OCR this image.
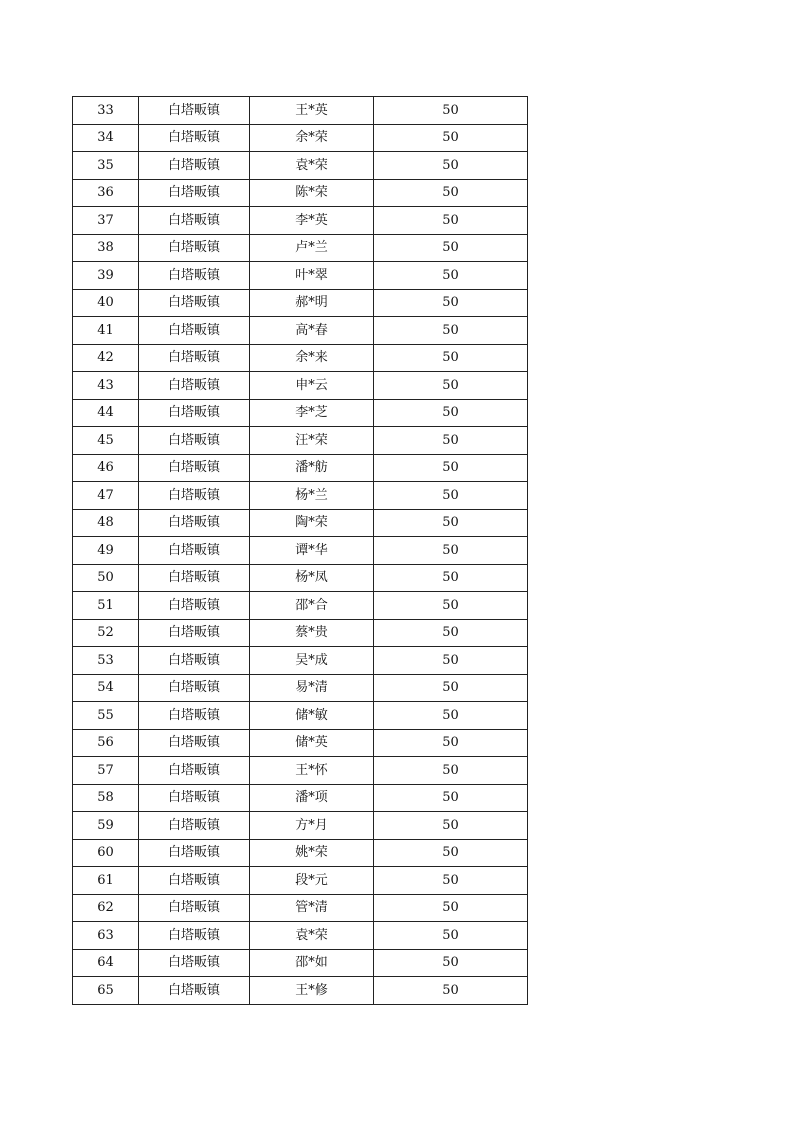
33	白塔畈镇	王*英	50
34	白塔畈镇	余*荣	50
35	白塔畈镇	袁*荣	50
36	白塔畈镇	陈*荣	50
37	白塔畈镇	李*英	50
38	白塔畈镇	卢*兰	50
39	白塔畈镇	叶*翠	50
40	白塔畈镇	郝*明	50
41	白塔畈镇	高*春	50
42	白塔畈镇	余*来	50
43	白塔畈镇	申*云	50
44	白塔畈镇	李*芝	50
45	白塔畈镇	汪*荣	50
46	白塔畈镇	潘*舫	50
47	白塔畈镇	杨*兰	50
48	白塔畈镇	陶*荣	50
49	白塔畈镇	谭*华	50
50	白塔畈镇	杨*凤	50
51	白塔畈镇	邵*合	50
52	白塔畈镇	蔡*贵	50
53	白塔畈镇	吴*成	50
54	白塔畈镇	易*清	50
55	白塔畈镇	储*敏	50
56	白塔畈镇	储*英	50
57	白塔畈镇	王*怀	50
58	白塔畈镇	潘*项	50
59	白塔畈镇	方*月	50
60	白塔畈镇	姚*荣	50
61	白塔畈镇	段*元	50
62	白塔畈镇	管*清	50
63	白塔畈镇	袁*荣	50
64	白塔畈镇	邵*如	50
65	白塔畈镇	王*修	50
